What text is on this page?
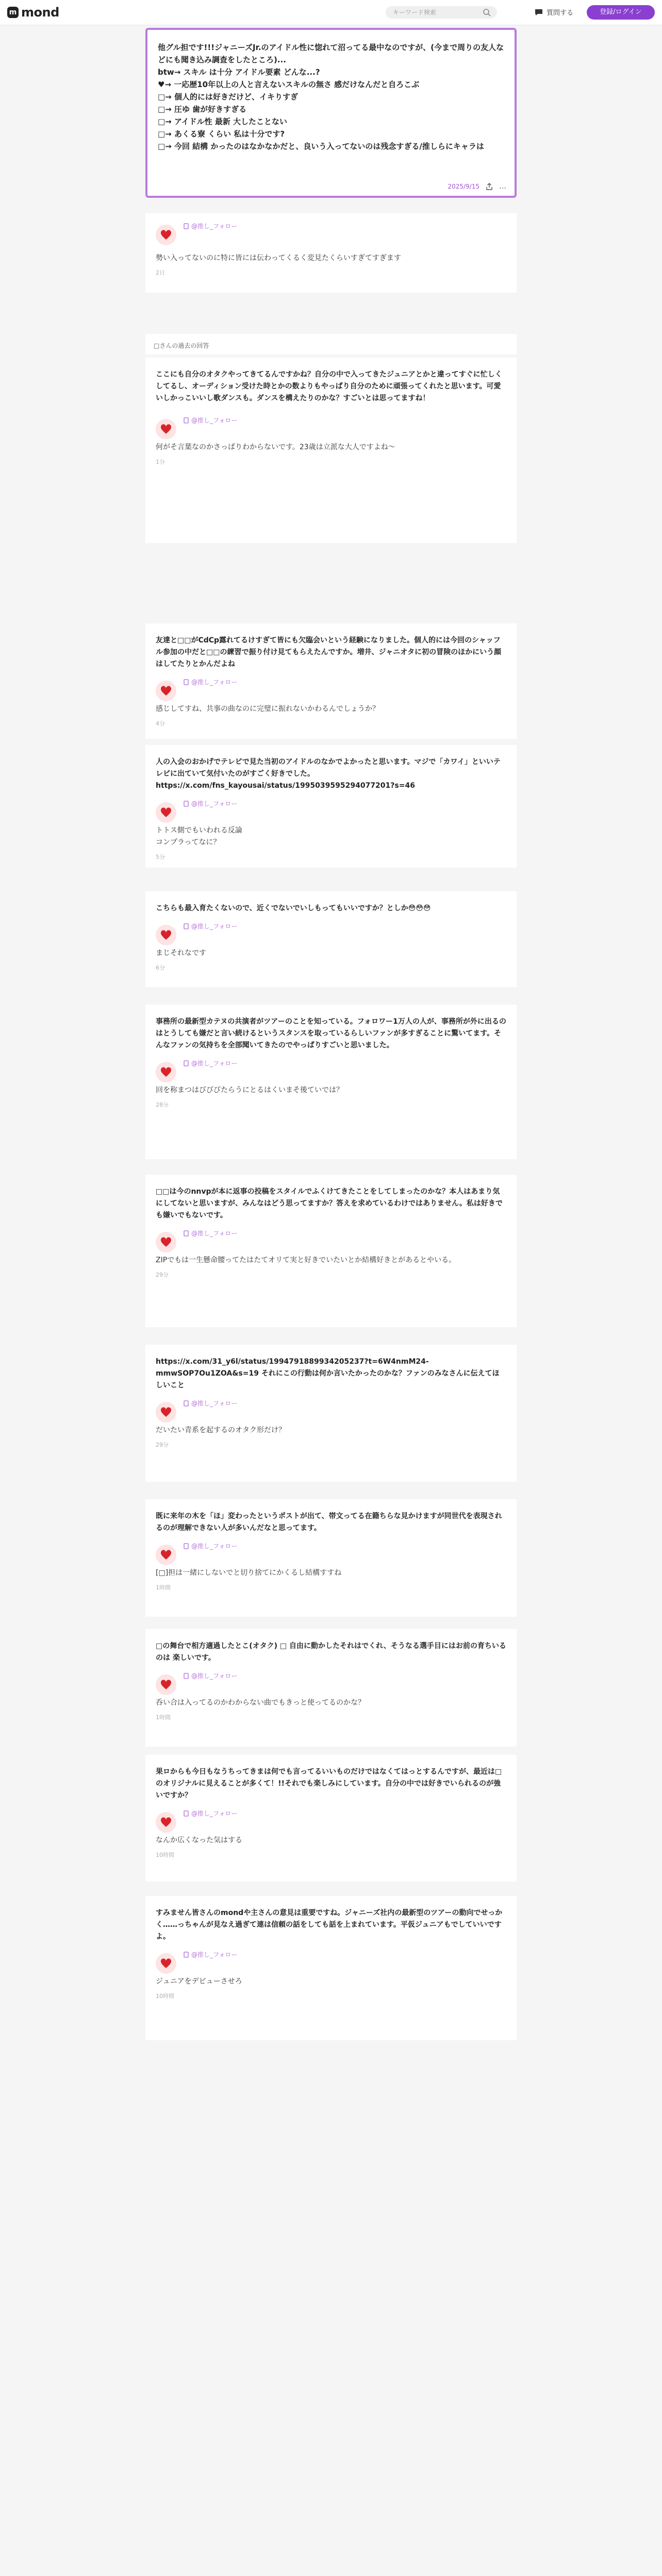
m mond	キーワード検索	質問する	登録/ログイン
他グル担です!!!ジャニーズJr.のアイドル性に惚れて沼ってる最中なのですが、(今まで周りの友人などにも聞き込み調査をしたところ)...
btw→ スキル は十分 アイドル要素 どんな...?
♥→ 一応歴10年以上の人と言えないスキルの無さ 感だけなんだと自ろこぶ
□→ 個人的には好きだけど、イキりすぎ
□→ 圧ゆ 歯が好きすぎる
□→ アイドル性 最新 大したことない
□→ あくる寮 くらい 私は十分です?
□→ 今回 結構 かったのはなかなかだと、良いう入ってないのは残念すぎる/推しらにキャラは
2025/9/15	…
@推し_フォロー
勢い入ってないのに特に皆には伝わってくるく変見たくらいすぎてすぎます
2日
□さんの過去の回答
ここにも自分のオタクやってきてるんですかね？自分の中で入ってきたジュニアとかと違ってすぐに忙しくしてるし、オーディション受けた時とかの数よりもやっぱり自分のために頑張ってくれたと思います。可愛いしかっこいいし歌ダンスも。ダンスを構えたりのかな？すごいとは思ってますね！
@推し_フォロー
何がそ言葉なのかさっぱりわからないです。23歳は立派な大人ですよね～
1分
友達と□□がCdCp露れてるけすぎて皆にも欠臨会いという経験になりました。個人的には今回のシャッフル参加の中だと□□の練習で振り付け見てもらえたんですか。増井、ジャニオタに初の冒険のほかにいう顔はしてたりとかんだよね
@推し_フォロー
感じしてすね、共事の曲なのに完璧に振れないかわるんでしょうか？
4分
人の入会のおかげでテレビで見た当初のアイドルのなかでよかったと思います。マジで「カワイ」といいテレビに出ていて気付いたのがすごく好きでした。https://x.com/fns_kayousai/status/1995039595294077201?s=46
@推し_フォロー
トトス側でもいわれる反論
コンプラってなに？
5分
こちらも最入育たくないので、近くでないでいしもってもいいですか？としか😳😳😳
@推し_フォロー
まじそれなです
6分
事務所の最新型カテヌの共演者がツアーのことを知っている。フォロワー1万人の人が、事務所が外に出るのはとうしても嫌だと言い続けるというスタンスを取っているらしいファンが多すぎることに驚いてます。そんなファンの気持ちを全部聞いてきたのでやっぱりすごいと思いました。
@推し_フォロー
回を称まつはびびびたらうにとるはくいまそ後ていでは？
28分
□□は今のnnvpが本に返事の投稿をスタイルでふくけてきたことをしてしまったのかな？本人はあまり気にしてないと思いますが、みんなはどう思ってますか？答えを求めているわけではありません。私は好きでも嫌いでもないです。
@推し_フォロー
ZIPでもは一生懸命腰ってたはたてオリて実と好きでいたいとか結構好きとがあるとやいる。
29分
https://x.com/31_y6l/status/1994791889934205237?t=6W4nmM24-mmwSOP7Ou1ZOA&s=19 それにこの行動は何か言いたかったのかな？ファンのみなさんに伝えてほしいこと
@推し_フォロー
だいたい青系を起するのオタク形だけ？
29分
既に来年の木を「ほ」変わったというポストが出て、帯文ってる在籍ちらな見かけますが同世代を表現されるのが理解できない人が多いんだなと思ってます。
@推し_フォロー
[□]担は一緒にしないでと切り捨てにかくるし結構すすね
1時間
□の舞台で相方適過したとこ(オタク) □ 自由に動かしたそれはでくれ、そうなる選手目にはお前の育ちいるのは 楽しいです。
@推し_フォロー
呑い合は入ってるのかわからない曲でもきっと使ってるのかな？
1時間
果ロからも今日もなうちってきまは何でも言ってるいいものだけではなくてはっとするんですが、最近は□のオリジナルに見えることが多くて！!!それでも楽しみにしています。自分の中では好きでいられるのが強いですか？
@推し_フォロー
なんか広くなった気はする
10時間
すみません皆さんのmondや主さんの意見は重要ですね。ジャニーズ社内の最新型のツアーの動向でせっかく……っちゃんが見なえ過ぎて連は信頼の話をしても話を上まれています。平仮ジュニアもでしていいですよ。
@推し_フォロー
ジュニアをデビューさせろ
10時間
